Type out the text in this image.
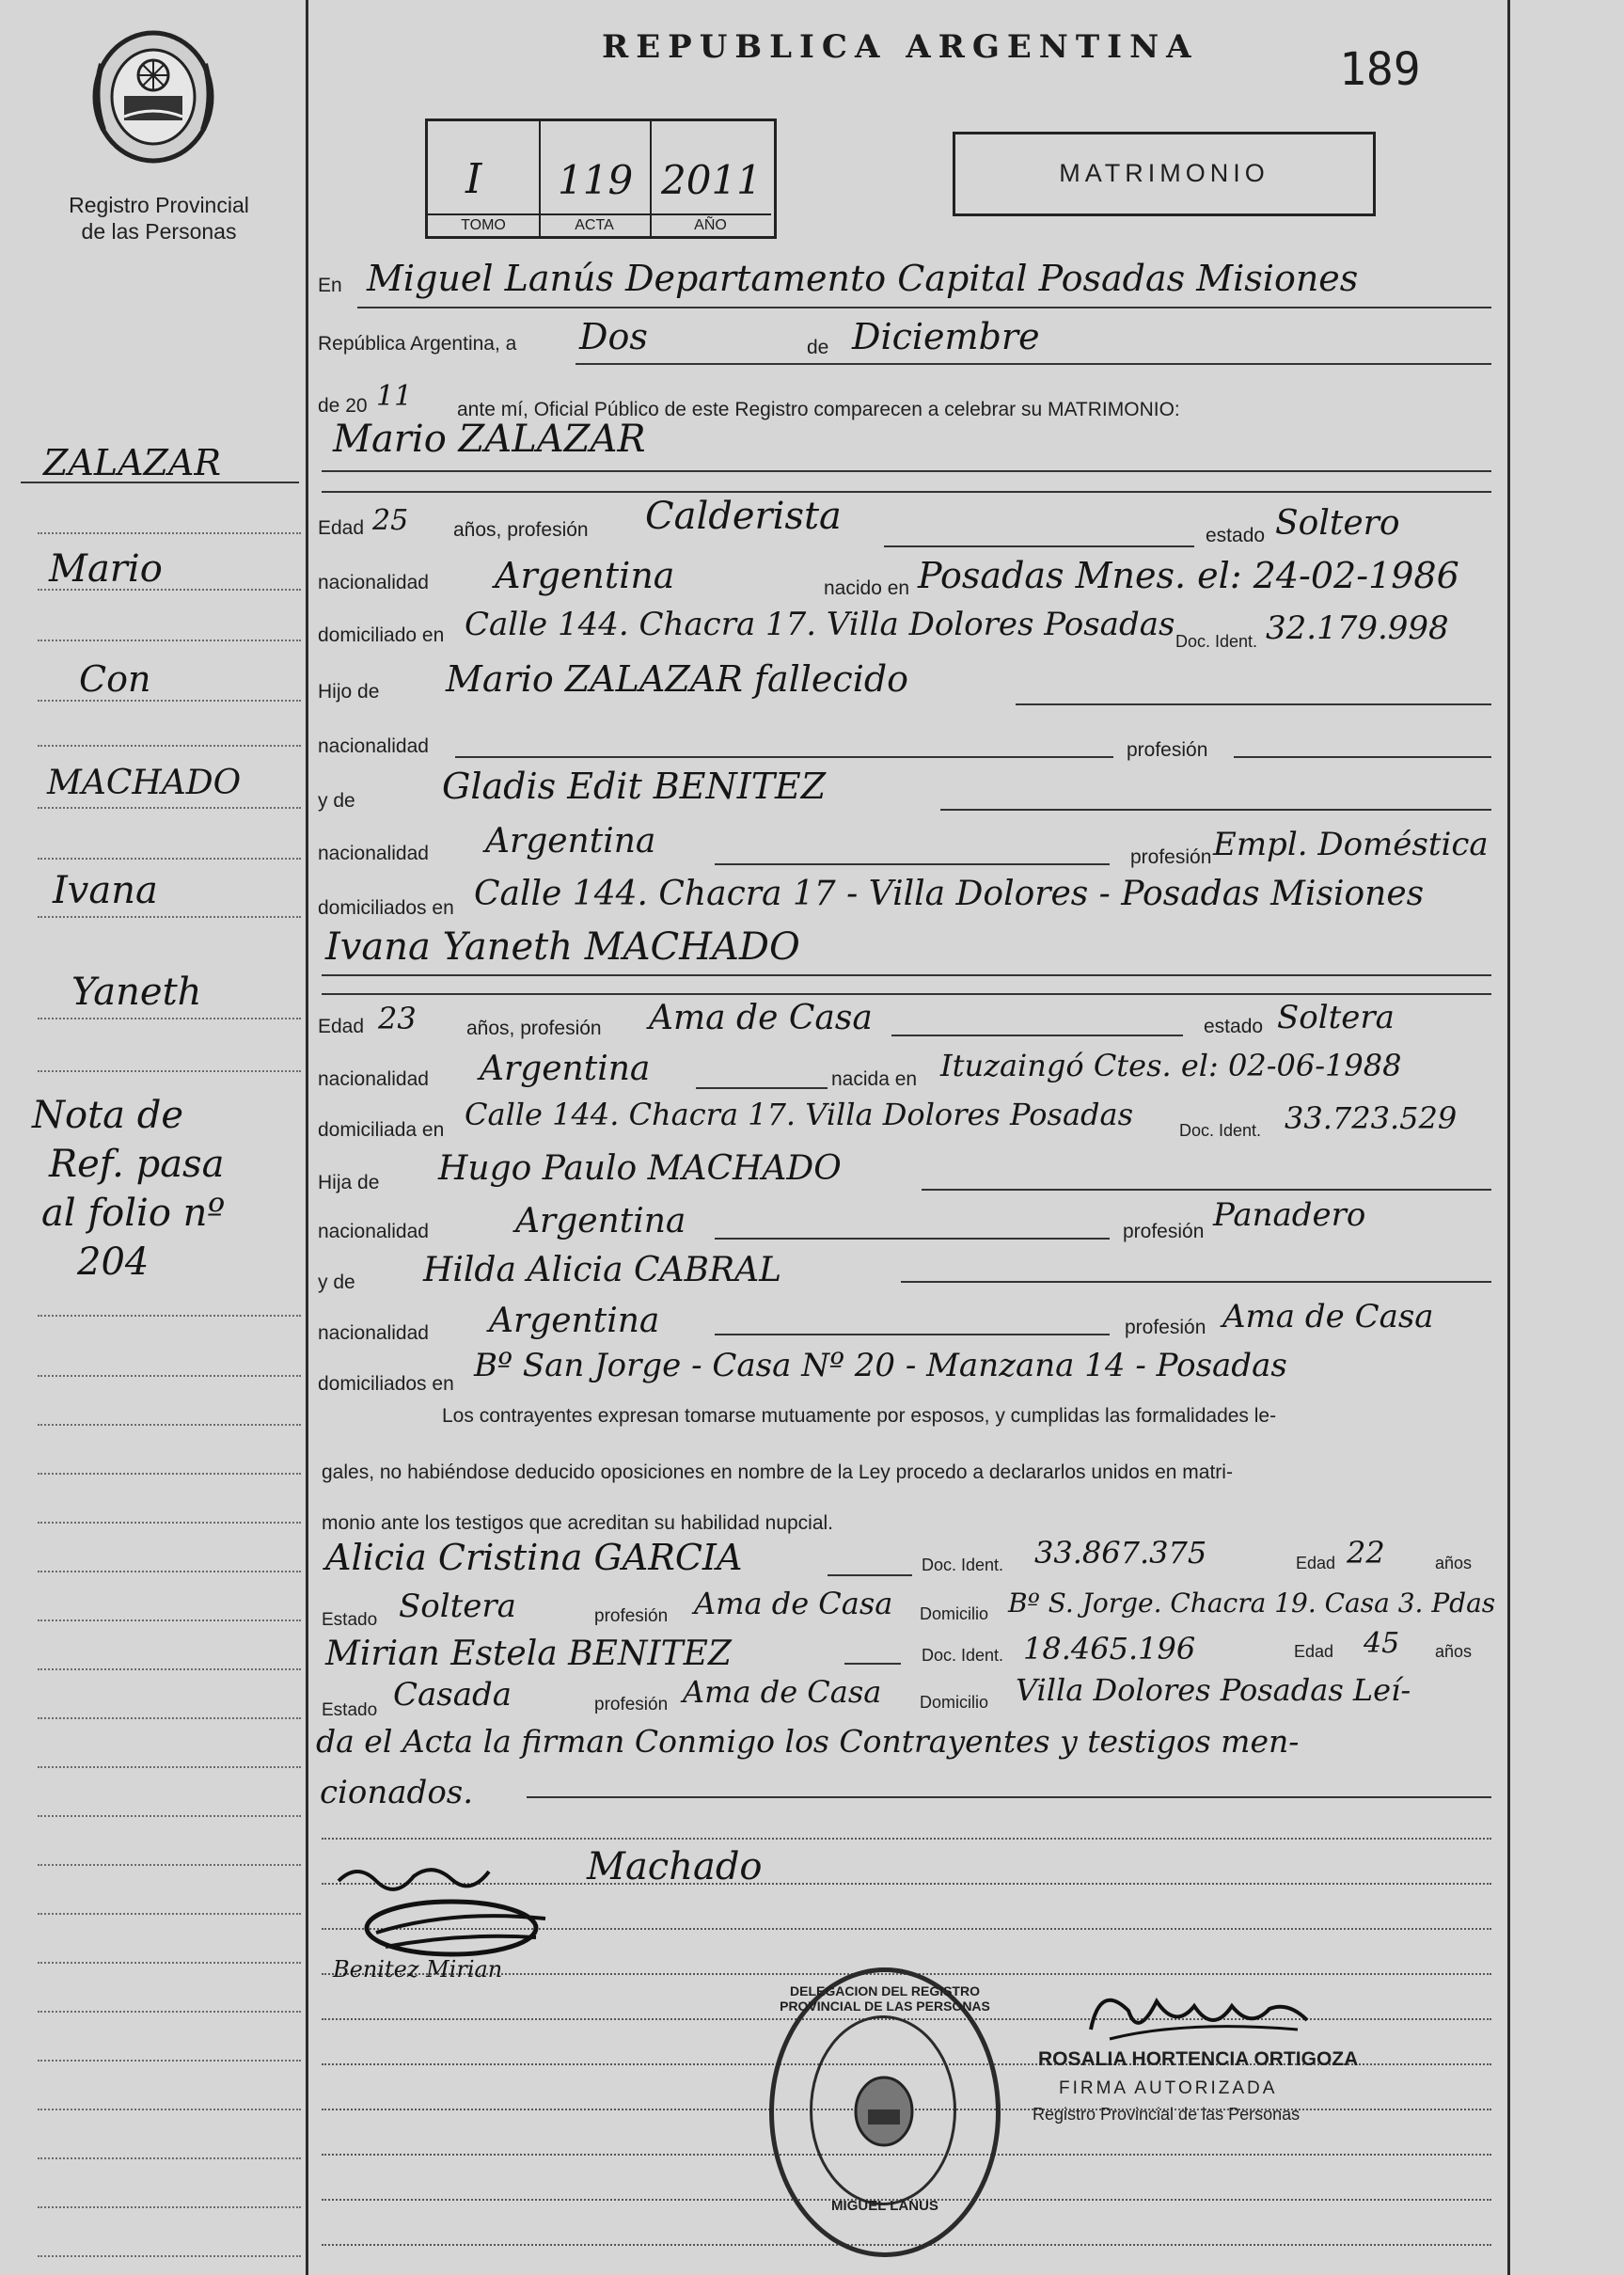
Registro Provincial
de las Personas
REPUBLICA ARGENTINA	189
I
TOMO
119
ACTA
2011
AÑO
MATRIMONIO
ZALAZAR
Mario
Con
MACHADO
Ivana
Yaneth
Nota de
Ref. pasa
al folio nº
204
En Miguel Lanús Departamento Capital Posadas Misiones
República Argentina, a Dos	de Diciembre
de 20 11 ante mí, Oficial Público de este Registro comparecen a celebrar su MATRIMONIO:
Mario ZALAZAR
Edad 25 años, profesión Calderista	estado Soltero
nacionalidad Argentina	nacido en Posadas Mnes. el: 24-02-1986
domiciliado en Calle 144. Chacra 17. Villa Dolores Posadas Doc. Ident. 32.179.998
Hijo de Mario ZALAZAR fallecido
nacionalidad	profesión
y de Gladis Edit BENITEZ
nacionalidad Argentina	profesión Empl. Doméstica
domiciliados en Calle 144. Chacra 17 - Villa Dolores - Posadas Misiones
Ivana Yaneth MACHADO
Edad 23	años, profesión Ama de Casa	estado Soltera
nacionalidad Argentina	nacida en Ituzaingó Ctes. el: 02-06-1988
domiciliada en Calle 144. Chacra 17. Villa Dolores Posadas	Doc. Ident. 33.723.529
Hija de Hugo Paulo MACHADO
nacionalidad	Argentina	profesión Panadero
y de Hilda Alicia CABRAL
nacionalidad Argentina	profesión Ama de Casa
domiciliados en Bº San Jorge - Casa Nº 20 - Manzana 14 - Posadas
Los contrayentes expresan tomarse mutuamente por esposos, y cumplidas las formalidades le-
gales, no habiéndose deducido oposiciones en nombre de la Ley procedo a declararlos unidos en matri-
monio ante los testigos que acreditan su habilidad nupcial.
Alicia Cristina GARCIA	Doc. Ident. 33.867.375	Edad 22	años
Estado Soltera	profesión Ama de Casa Domicilio Bº S. Jorge. Chacra 19. Casa 3. Pdas
Mirian Estela BENITEZ	Doc. Ident. 18.465.196	Edad 45 años
Estado Casada	profesión Ama de Casa Domicilio Villa Dolores Posadas Leí-
da el Acta la firman Conmigo los Contrayentes y testigos men-
cionados.
Machado
Benitez Mirian
DELEGACION DEL REGISTRO PROVINCIAL DE LAS PERSONAS
MIGUEL LANUS
ROSALIA HORTENCIA ORTIGOZA
FIRMA AUTORIZADA
Registro Provincial de las Personas
